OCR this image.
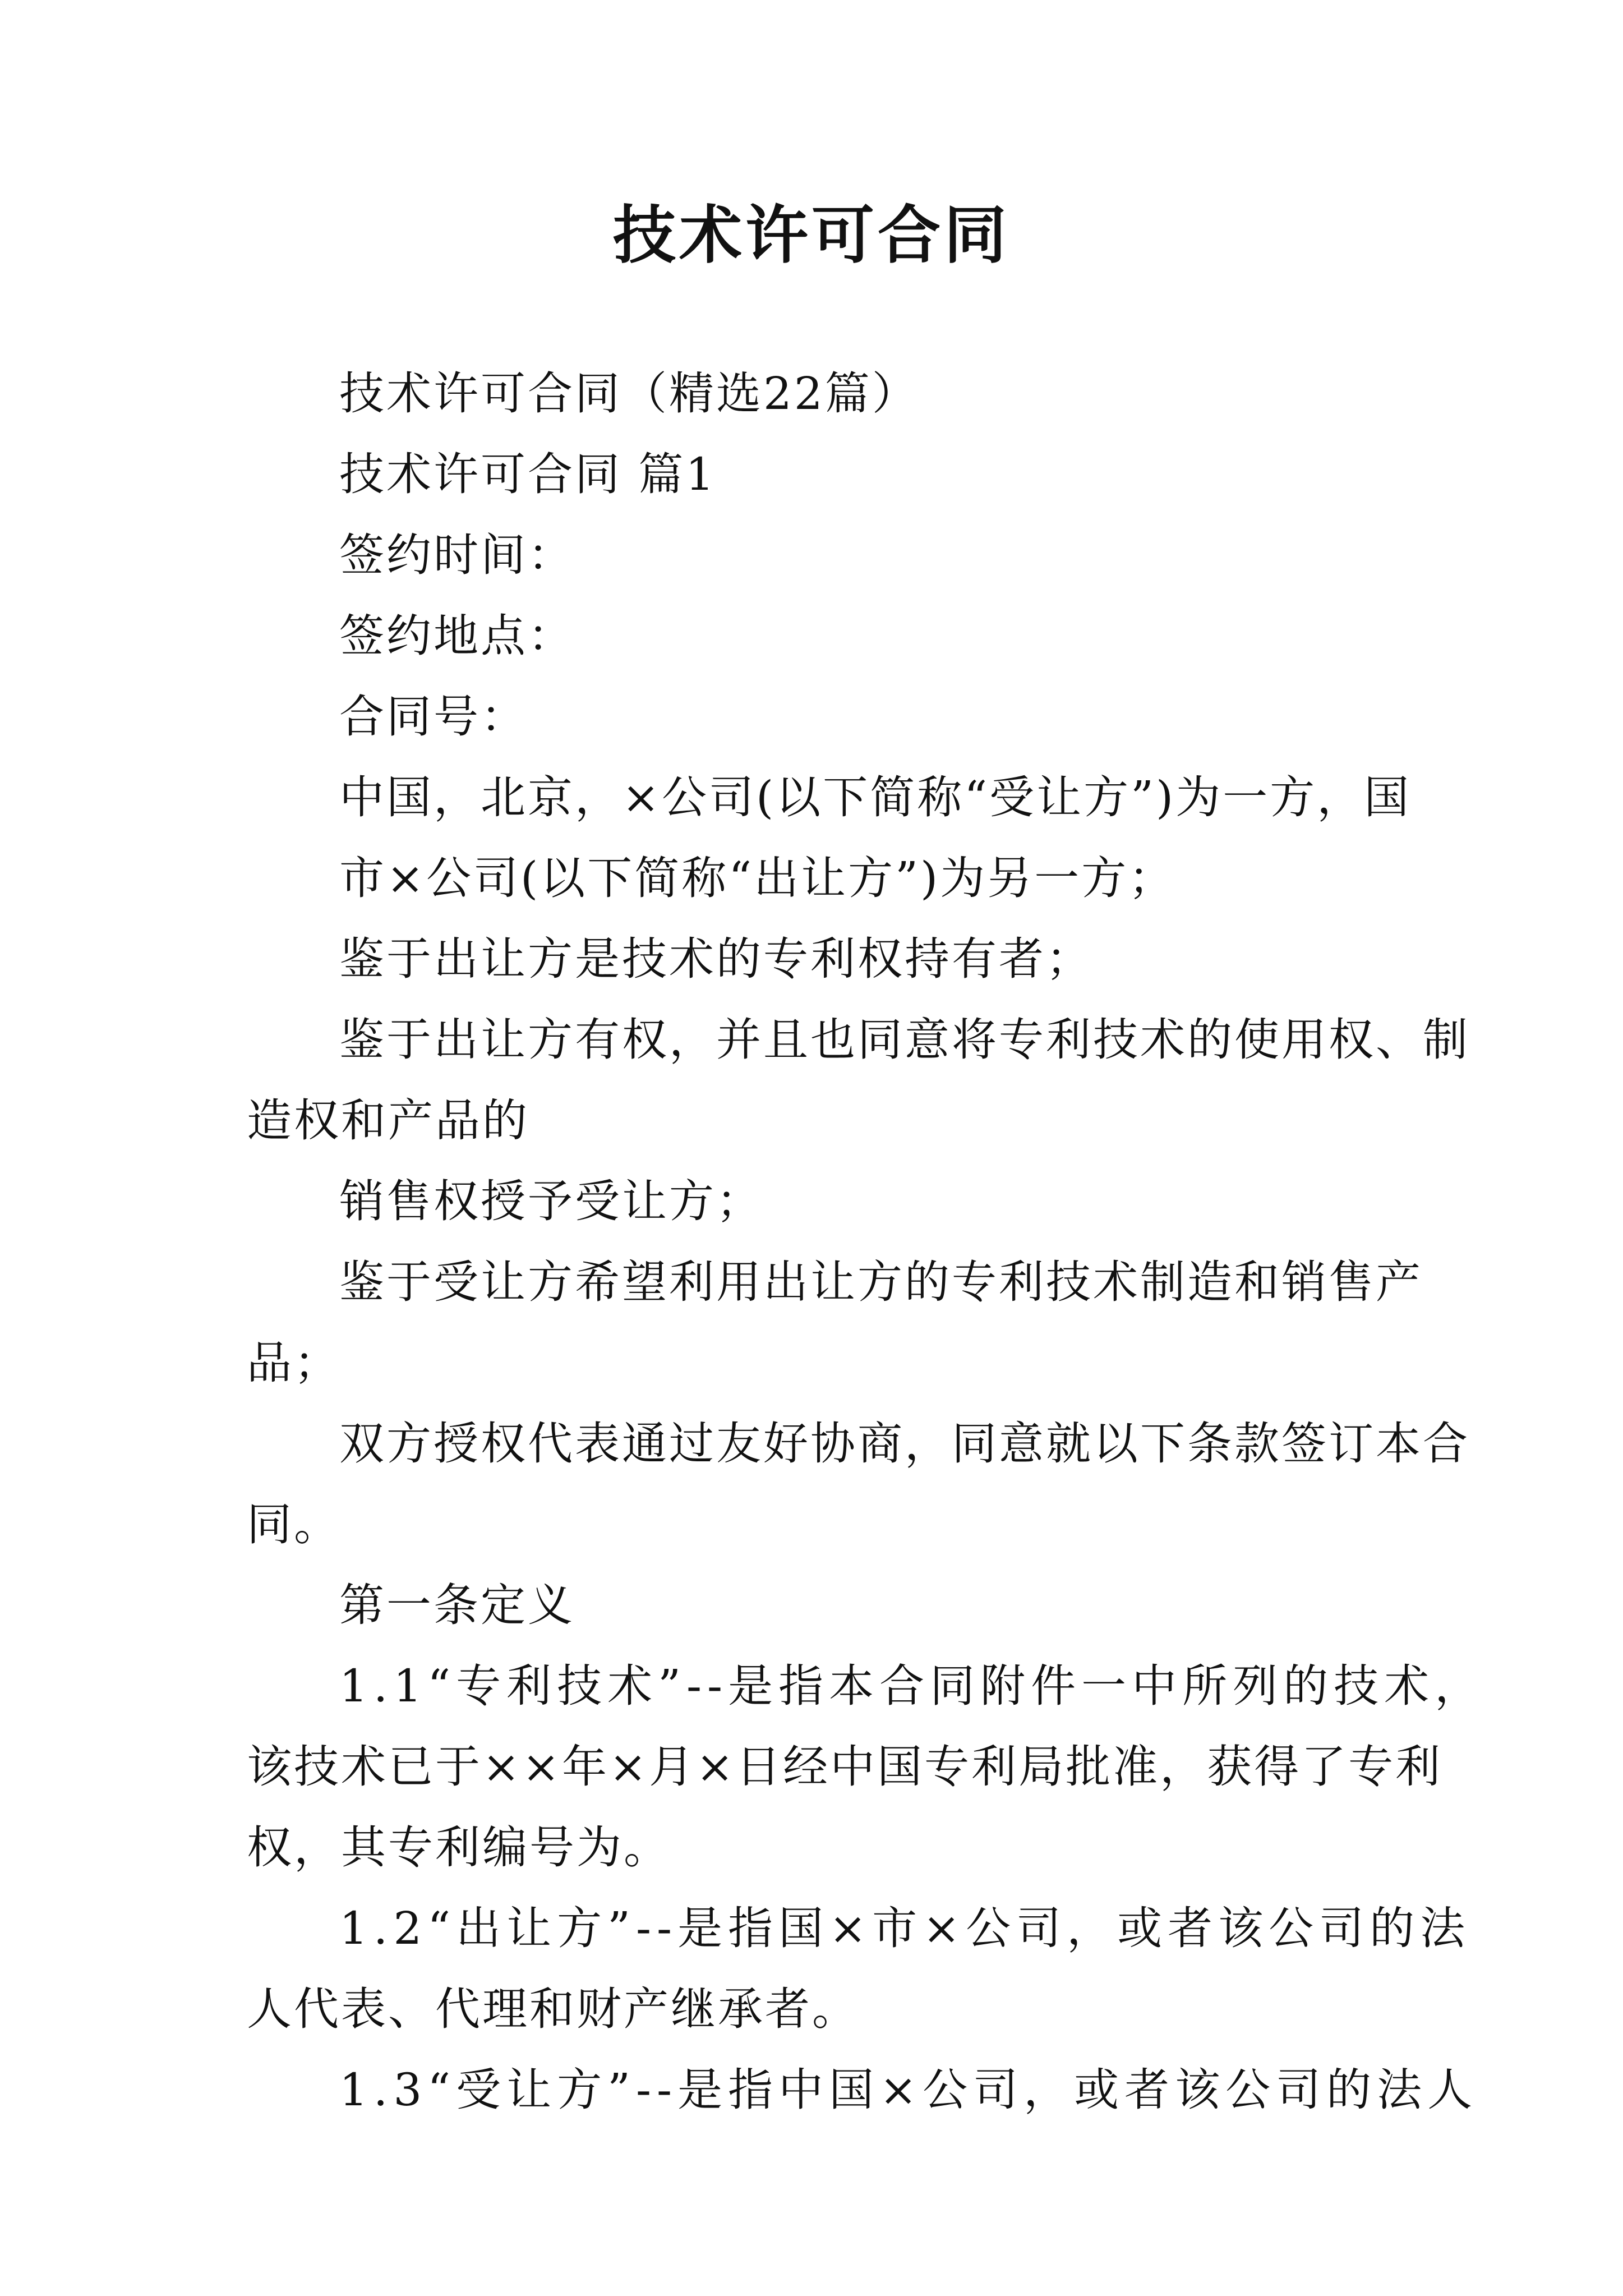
技术许可合同

技术许可合同（精选22篇）

技术许可合同 篇1

签约时间：

签约地点：

合同号：

中国，北京，×公司(以下简称“受让方”)为一方，国

市×公司(以下简称“出让方”)为另一方；

鉴于出让方是技术的专利权持有者；

鉴于出让方有权，并且也同意将专利技术的使用权、制

造权和产品的

销售权授予受让方；

鉴于受让方希望利用出让方的专利技术制造和销售产

品；

双方授权代表通过友好协商，同意就以下条款签订本合

同。

第一条定义

1.1“专利技术”--是指本合同附件一中所列的技术，

该技术已于××年×月×日经中国专利局批准，获得了专利

权，其专利编号为。

1.2“出让方”--是指国×市×公司，或者该公司的法

人代表、代理和财产继承者。

1.3“受让方”--是指中国×公司，或者该公司的法人
